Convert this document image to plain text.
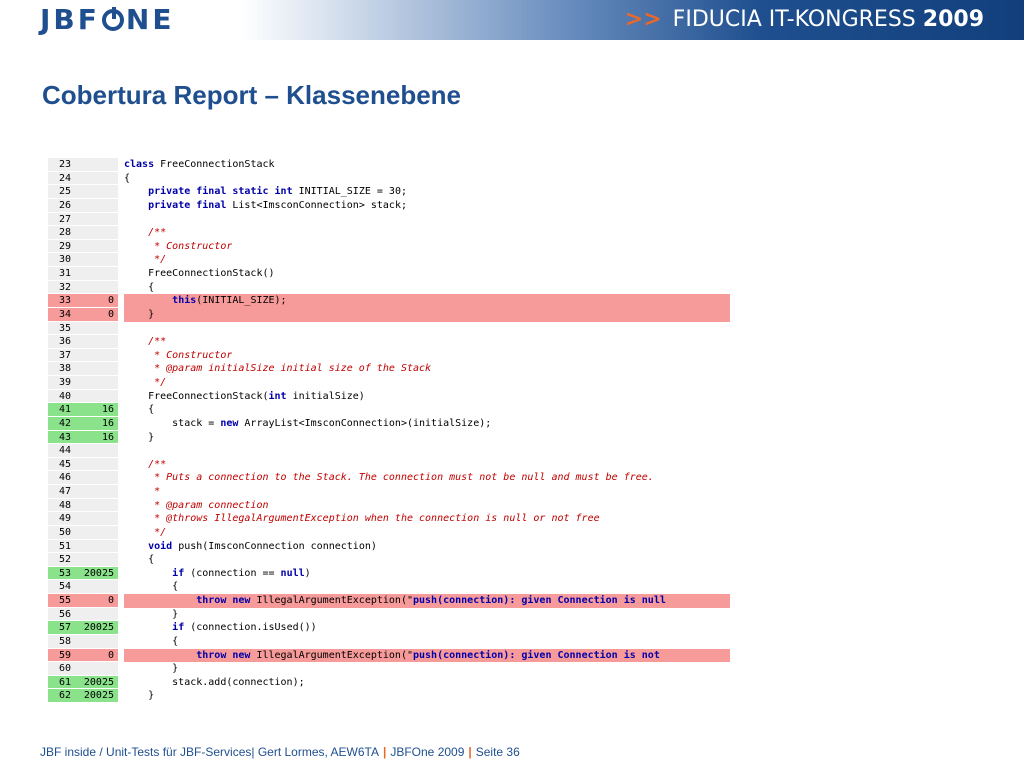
JBF NE	>> FIDUCIA IT-KONGRESS 2009
Cobertura Report – Klassenebene
23	class FreeConnectionStack
24	{
25	private final static int INITIAL_SIZE = 30;
26	private final List<ImsconConnection> stack;
27
28	/**
29	* Constructor
30	*/
31	FreeConnectionStack()
32	{
33	0	this(INITIAL_SIZE);
34	0	}
35
36	/**
37	* Constructor
38	* @param initialSize initial size of the Stack
39	*/
40	FreeConnectionStack(int initialSize)
41	16	{
42	16	stack = new ArrayList<ImsconConnection>(initialSize);
43	16	}
44
45	/**
46	* Puts a connection to the Stack. The connection must not be null and must be free.
47	*
48	* @param connection
49	* @throws IllegalArgumentException when the connection is null or not free
50	*/
51	void push(ImsconConnection connection)
52	{
53	20025	if (connection == null)
54	{
55	0	throw new IllegalArgumentException("push(connection): given Connection is null
56	}
57	20025	if (connection.isUsed())
58	{
59	0	throw new IllegalArgumentException("push(connection): given Connection is not
60	}
61	20025	stack.add(connection);
62	20025	}
JBF inside / Unit-Tests für JBF-Services| Gert Lormes, AEW6TA | JBFOne 2009 | Seite 36
